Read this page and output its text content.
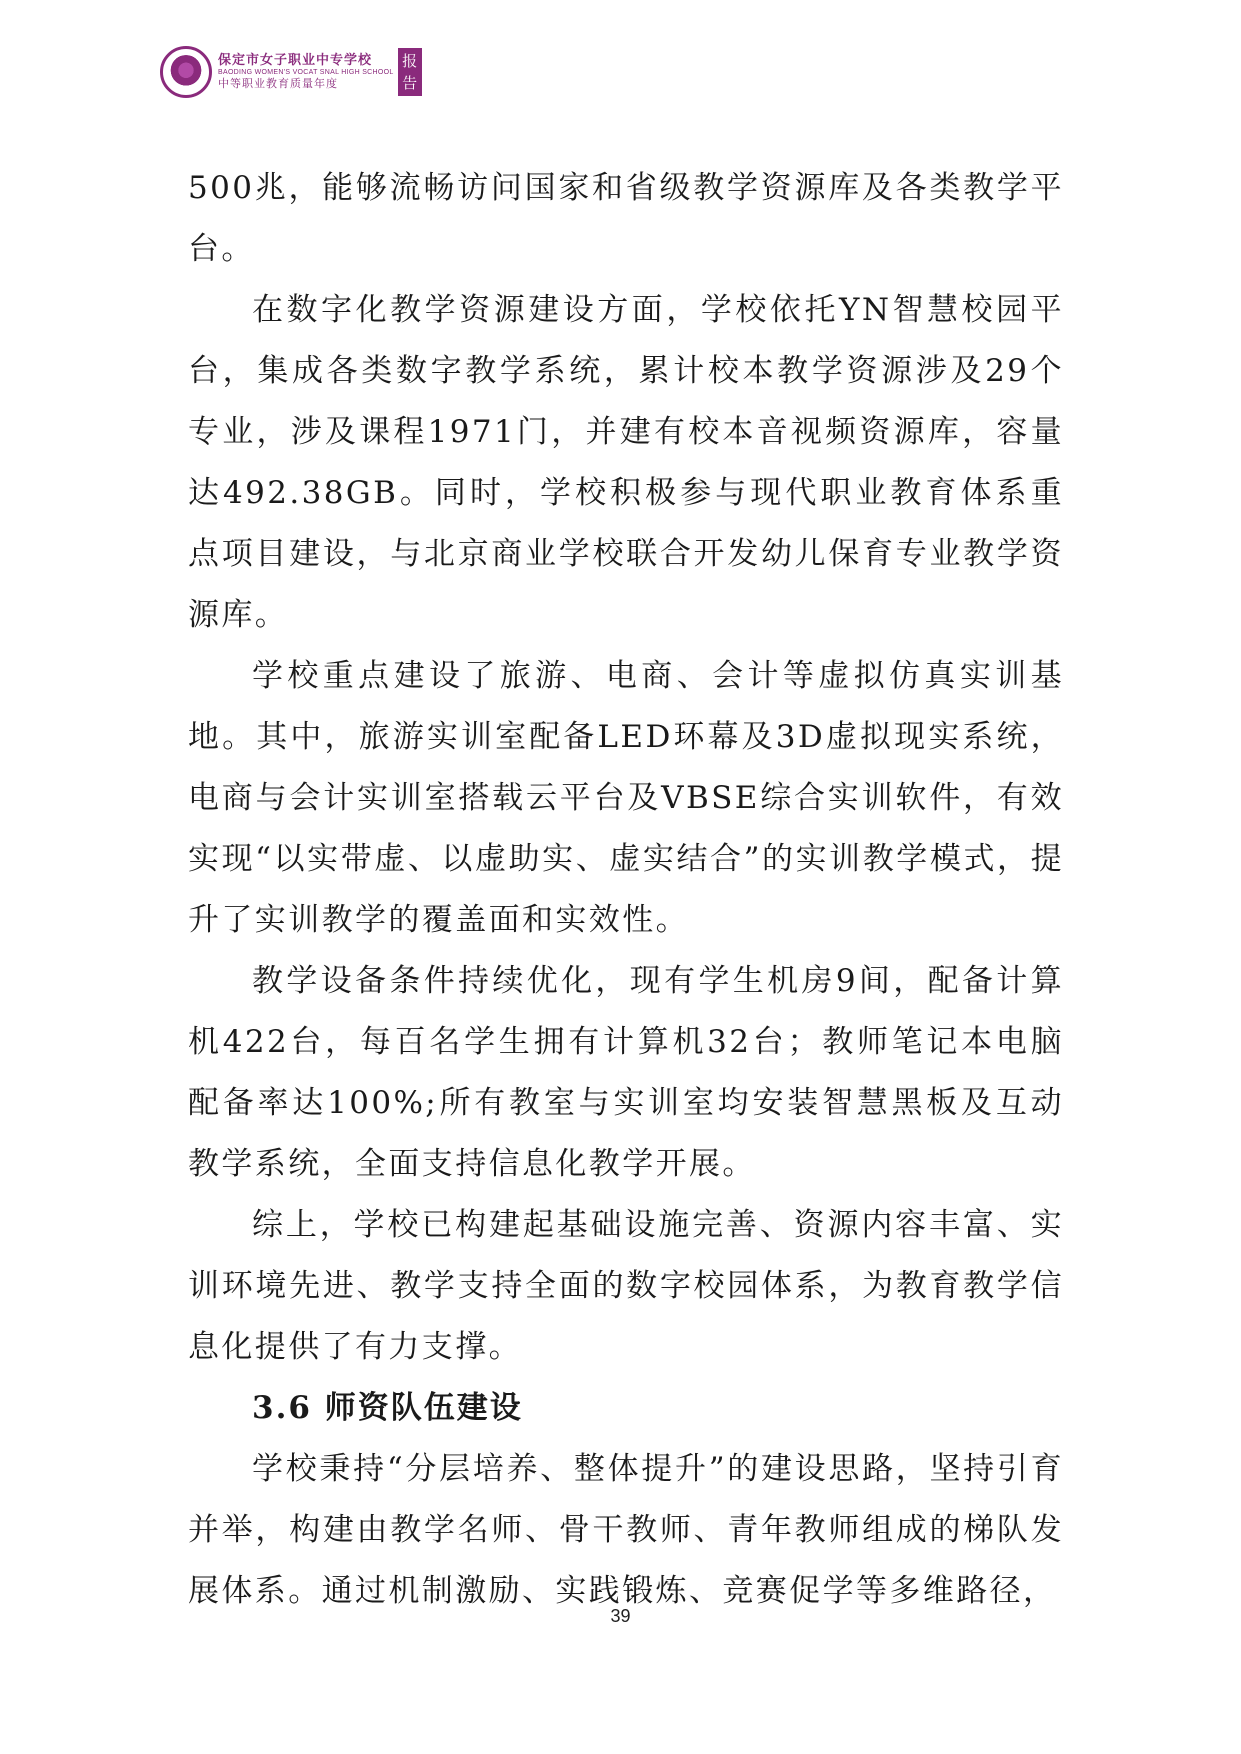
保定市女子职业中专学校
BAODING WOMEN'S VOCAT SNAL HIGH SCHOOL
中等职业教育质量年度
报告

500兆，能够流畅访问国家和省级教学资源库及各类教学平台。

在数字化教学资源建设方面，学校依托YN智慧校园平台，集成各类数字教学系统，累计校本教学资源涉及29个专业，涉及课程1971门，并建有校本音视频资源库，容量达492.38GB。同时，学校积极参与现代职业教育体系重点项目建设，与北京商业学校联合开发幼儿保育专业教学资源库。

学校重点建设了旅游、电商、会计等虚拟仿真实训基地。其中，旅游实训室配备LED环幕及3D虚拟现实系统，电商与会计实训室搭载云平台及VBSE综合实训软件，有效实现“以实带虚、以虚助实、虚实结合”的实训教学模式，提升了实训教学的覆盖面和实效性。

教学设备条件持续优化，现有学生机房9间，配备计算机422台，每百名学生拥有计算机32台；教师笔记本电脑配备率达100%;所有教室与实训室均安装智慧黑板及互动教学系统，全面支持信息化教学开展。

综上，学校已构建起基础设施完善、资源内容丰富、实训环境先进、教学支持全面的数字校园体系，为教育教学信息化提供了有力支撑。

3.6 师资队伍建设

学校秉持“分层培养、整体提升”的建设思路，坚持引育并举，构建由教学名师、骨干教师、青年教师组成的梯队发展体系。通过机制激励、实践锻炼、竞赛促学等多维路径，

39
